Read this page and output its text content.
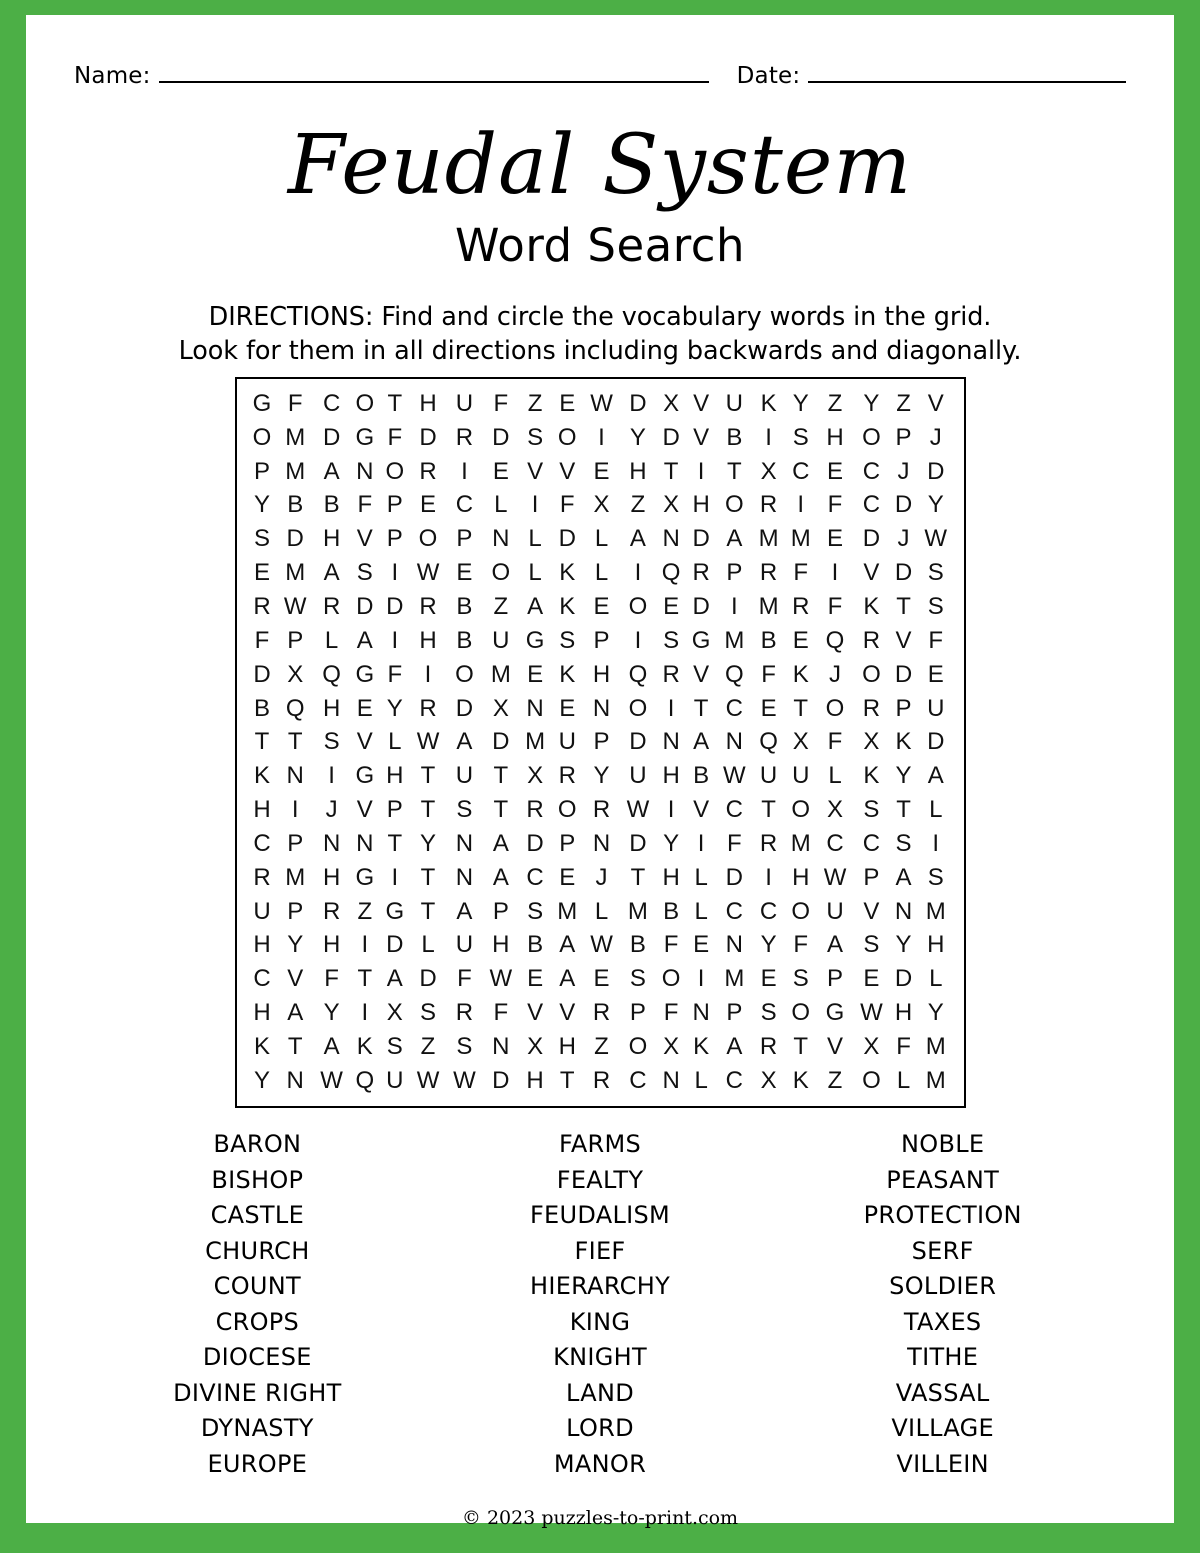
Name:	Date:
Feudal System
Word Search
DIRECTIONS: Find and circle the vocabulary words in the grid.
Look for them in all directions including backwards and diagonally.
G	F	C	O	T	H	U	F	Z	E	W	D	X	V	U	K	Y	Z	Y	Z	V
O	M	D	G	F	D	R	D	S	O	I	Y	D	V	B	I	S	H	O	P	J
P	M	A	N	O	R	I	E	V	V	E	H	T	I	T	X	C	E	C	J	D
Y	B	B	F	P	E	C	L	I	F	X	Z	X	H	O	R	I	F	C	D	Y
S	D	H	V	P	O	P	N	L	D	L	A	N	D	A	M	M	E	D	J	W
E	M	A	S	I	W	E	O	L	K	L	I	Q	R	P	R	F	I	V	D	S
R	W	R	D	D	R	B	Z	A	K	E	O	E	D	I	M	R	F	K	T	S
F	P	L	A	I	H	B	U	G	S	P	I	S	G	M	B	E	Q	R	V	F
D	X	Q	G	F	I	O	M	E	K	H	Q	R	V	Q	F	K	J	O	D	E
B	Q	H	E	Y	R	D	X	N	E	N	O	I	T	C	E	T	O	R	P	U
T	T	S	V	L	W	A	D	M	U	P	D	N	A	N	Q	X	F	X	K	D
K	N	I	G	H	T	U	T	X	R	Y	U	H	B	W	U	U	L	K	Y	A
H	I	J	V	P	T	S	T	R	O	R	W	I	V	C	T	O	X	S	T	L
C	P	N	N	T	Y	N	A	D	P	N	D	Y	I	F	R	M	C	C	S	I
R	M	H	G	I	T	N	A	C	E	J	T	H	L	D	I	H	W	P	A	S
U	P	R	Z	G	T	A	P	S	M	L	M	B	L	C	C	O	U	V	N	M
H	Y	H	I	D	L	U	H	B	A	W	B	F	E	N	Y	F	A	S	Y	H
C	V	F	T	A	D	F	W	E	A	E	S	O	I	M	E	S	P	E	D	L
H	A	Y	I	X	S	R	F	V	V	R	P	F	N	P	S	O	G	W	H	Y
K	T	A	K	S	Z	S	N	X	H	Z	O	X	K	A	R	T	V	X	F	M
Y	N	W	Q	U	W	W	D	H	T	R	C	N	L	C	X	K	Z	O	L	M
BARON
BISHOP
CASTLE
CHURCH
COUNT
CROPS
DIOCESE
DIVINE RIGHT
DYNASTY
EUROPE
FARMS
FEALTY
FEUDALISM
FIEF
HIERARCHY
KING
KNIGHT
LAND
LORD
MANOR
NOBLE
PEASANT
PROTECTION
SERF
SOLDIER
TAXES
TITHE
VASSAL
VILLAGE
VILLEIN
© 2023 puzzles-to-print.com
